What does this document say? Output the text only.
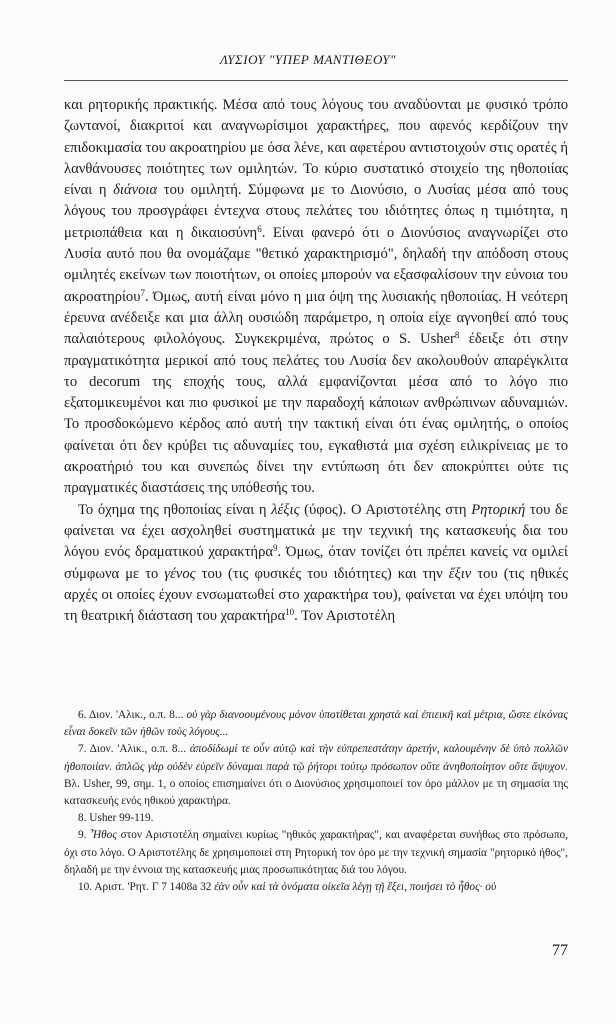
ΛΥΣΙΟΥ "ΥΠΕΡ ΜΑΝΤΙΘΕΟΥ"

και ρητορικής πρακτικής. Μέσα από τους λόγους του αναδύονται με φυσικό τρόπο ζωντανοί, διακριτοί και αναγνωρίσιμοι χαρακτήρες, που αφενός κερδίζουν την επιδοκιμασία του ακροατηρίου με όσα λένε, και αφετέρου αντιστοιχούν στις ορατές ή λανθάνουσες ποιότητες των ομιλητών. Το κύριο συστατικό στοιχείο της ηθοποιίας είναι η διάνοια του ομιλητή. Σύμφωνα με το Διονύσιο, ο Λυσίας μέσα από τους λόγους του προσγράφει έντεχνα στους πελάτες του ιδιότητες όπως η τιμιότητα, η μετριοπάθεια και η δικαιοσύνη$^6$. Είναι φανερό ότι ο Διονύσιος αναγνωρίζει στο Λυσία αυτό που θα ονομάζαμε "θετικό χαρακτηρισμό", δηλαδή την απόδοση στους ομιλητές εκείνων των ποιοτήτων, οι οποίες μπορούν να εξασφαλίσουν την εύνοια του ακροατηρίου$^7$. Όμως, αυτή είναι μόνο η μια όψη της λυσιακής ηθοποιίας. Η νεότερη έρευνα ανέδειξε και μια άλλη ουσιώδη παράμετρο, η οποία είχε αγνοηθεί από τους παλαιότερους φιλολόγους. Συγκεκριμένα, πρώτος ο S. Usher$^8$ έδειξε ότι στην πραγματικότητα μερικοί από τους πελάτες του Λυσία δεν ακολουθούν απαρέγκλιτα το decorum της εποχής τους, αλλά εμφανίζονται μέσα από το λόγο πιο εξατομικευμένοι και πιο φυσικοί με την παραδοχή κάποιων ανθρώπινων αδυναμιών. Το προσδοκώμενο κέρδος από αυτή την τακτική είναι ότι ένας ομιλητής, ο οποίος φαίνεται ότι δεν κρύβει τις αδυναμίες του, εγκαθιστά μια σχέση ειλικρίνειας με το ακροατήριό του και συνεπώς δίνει την εντύπωση ότι δεν αποκρύπτει ούτε τις πραγματικές διαστάσεις της υπόθεσής του.

Το όχημα της ηθοποιίας είναι η λέξις (ύφος). Ο Αριστοτέλης στη Ρητορική του δε φαίνεται να έχει ασχοληθεί συστηματικά με την τεχνική της κατασκευής δια του λόγου ενός δραματικού χαρακτήρα$^9$. Όμως, όταν τονίζει ότι πρέπει κανείς να ομιλεί σύμφωνα με το γένος του (τις φυσικές του ιδιότητες) και την ἕξιν του (τις ηθικές αρχές οι οποίες έχουν ενσωματωθεί στο χαρακτήρα του), φαίνεται να έχει υπόψη του τη θεατρική διάσταση του χαρακτήρα$^{10}$. Τον Αριστοτέλη

6. Διον. 'Αλικ., ο.π. 8... οὐ γὰρ διανοουμένους μόνον ὑποτίθεται χρηστὰ καὶ ἐπιεικῆ καὶ μέτρια, ὥστε εἰκόνας εἶναι δοκεῖν τῶν ἠθῶν τοὺς λόγους...

7. Διον. 'Αλικ., ο.π. 8... ἀποδίδωμί τε οὖν αὐτῷ καὶ τὴν εὐπρεπεστάτην ἀρετήν, καλουμένην δὲ ὑπὸ πολλῶν ἠθοποιίαν. ἁπλῶς γὰρ οὐδὲν εὑρεῖν δύναμαι παρὰ τῷ ῥήτορι τούτῳ πρόσωπον οὔτε ἀνηθοποίητον οὔτε ἄψυχον. Βλ. Usher, 99, σημ. 1, ο οποίος επισημαίνει ότι ο Διονύσιος χρησιμοποιεί τον όρο μάλλον με τη σημασία της κατασκευής ενός ηθικού χαρακτήρα.

8. Usher 99-119.

9. Ἦθος στον Αριστοτέλη σημαίνει κυρίως "ηθικός χαρακτήρας", και αναφέρεται συνήθως στο πρόσωπο, όχι στο λόγο. Ο Αριστοτέλης δε χρησιμοποιεί στη Ρητορική τον όρο με την τεχνική σημασία "ρητορικό ήθος", δηλαδή με την έννοια της κατασκευής μιας προσωπικότητας διά του λόγου.

10. Αριστ. 'Ρητ. Γ 7 1408a 32 ἐὰν οὖν καὶ τὰ ὀνόματα οἰκεῖα λέγῃ τῇ ἕξει, ποιήσει τὸ ἦθος· οὐ

77
